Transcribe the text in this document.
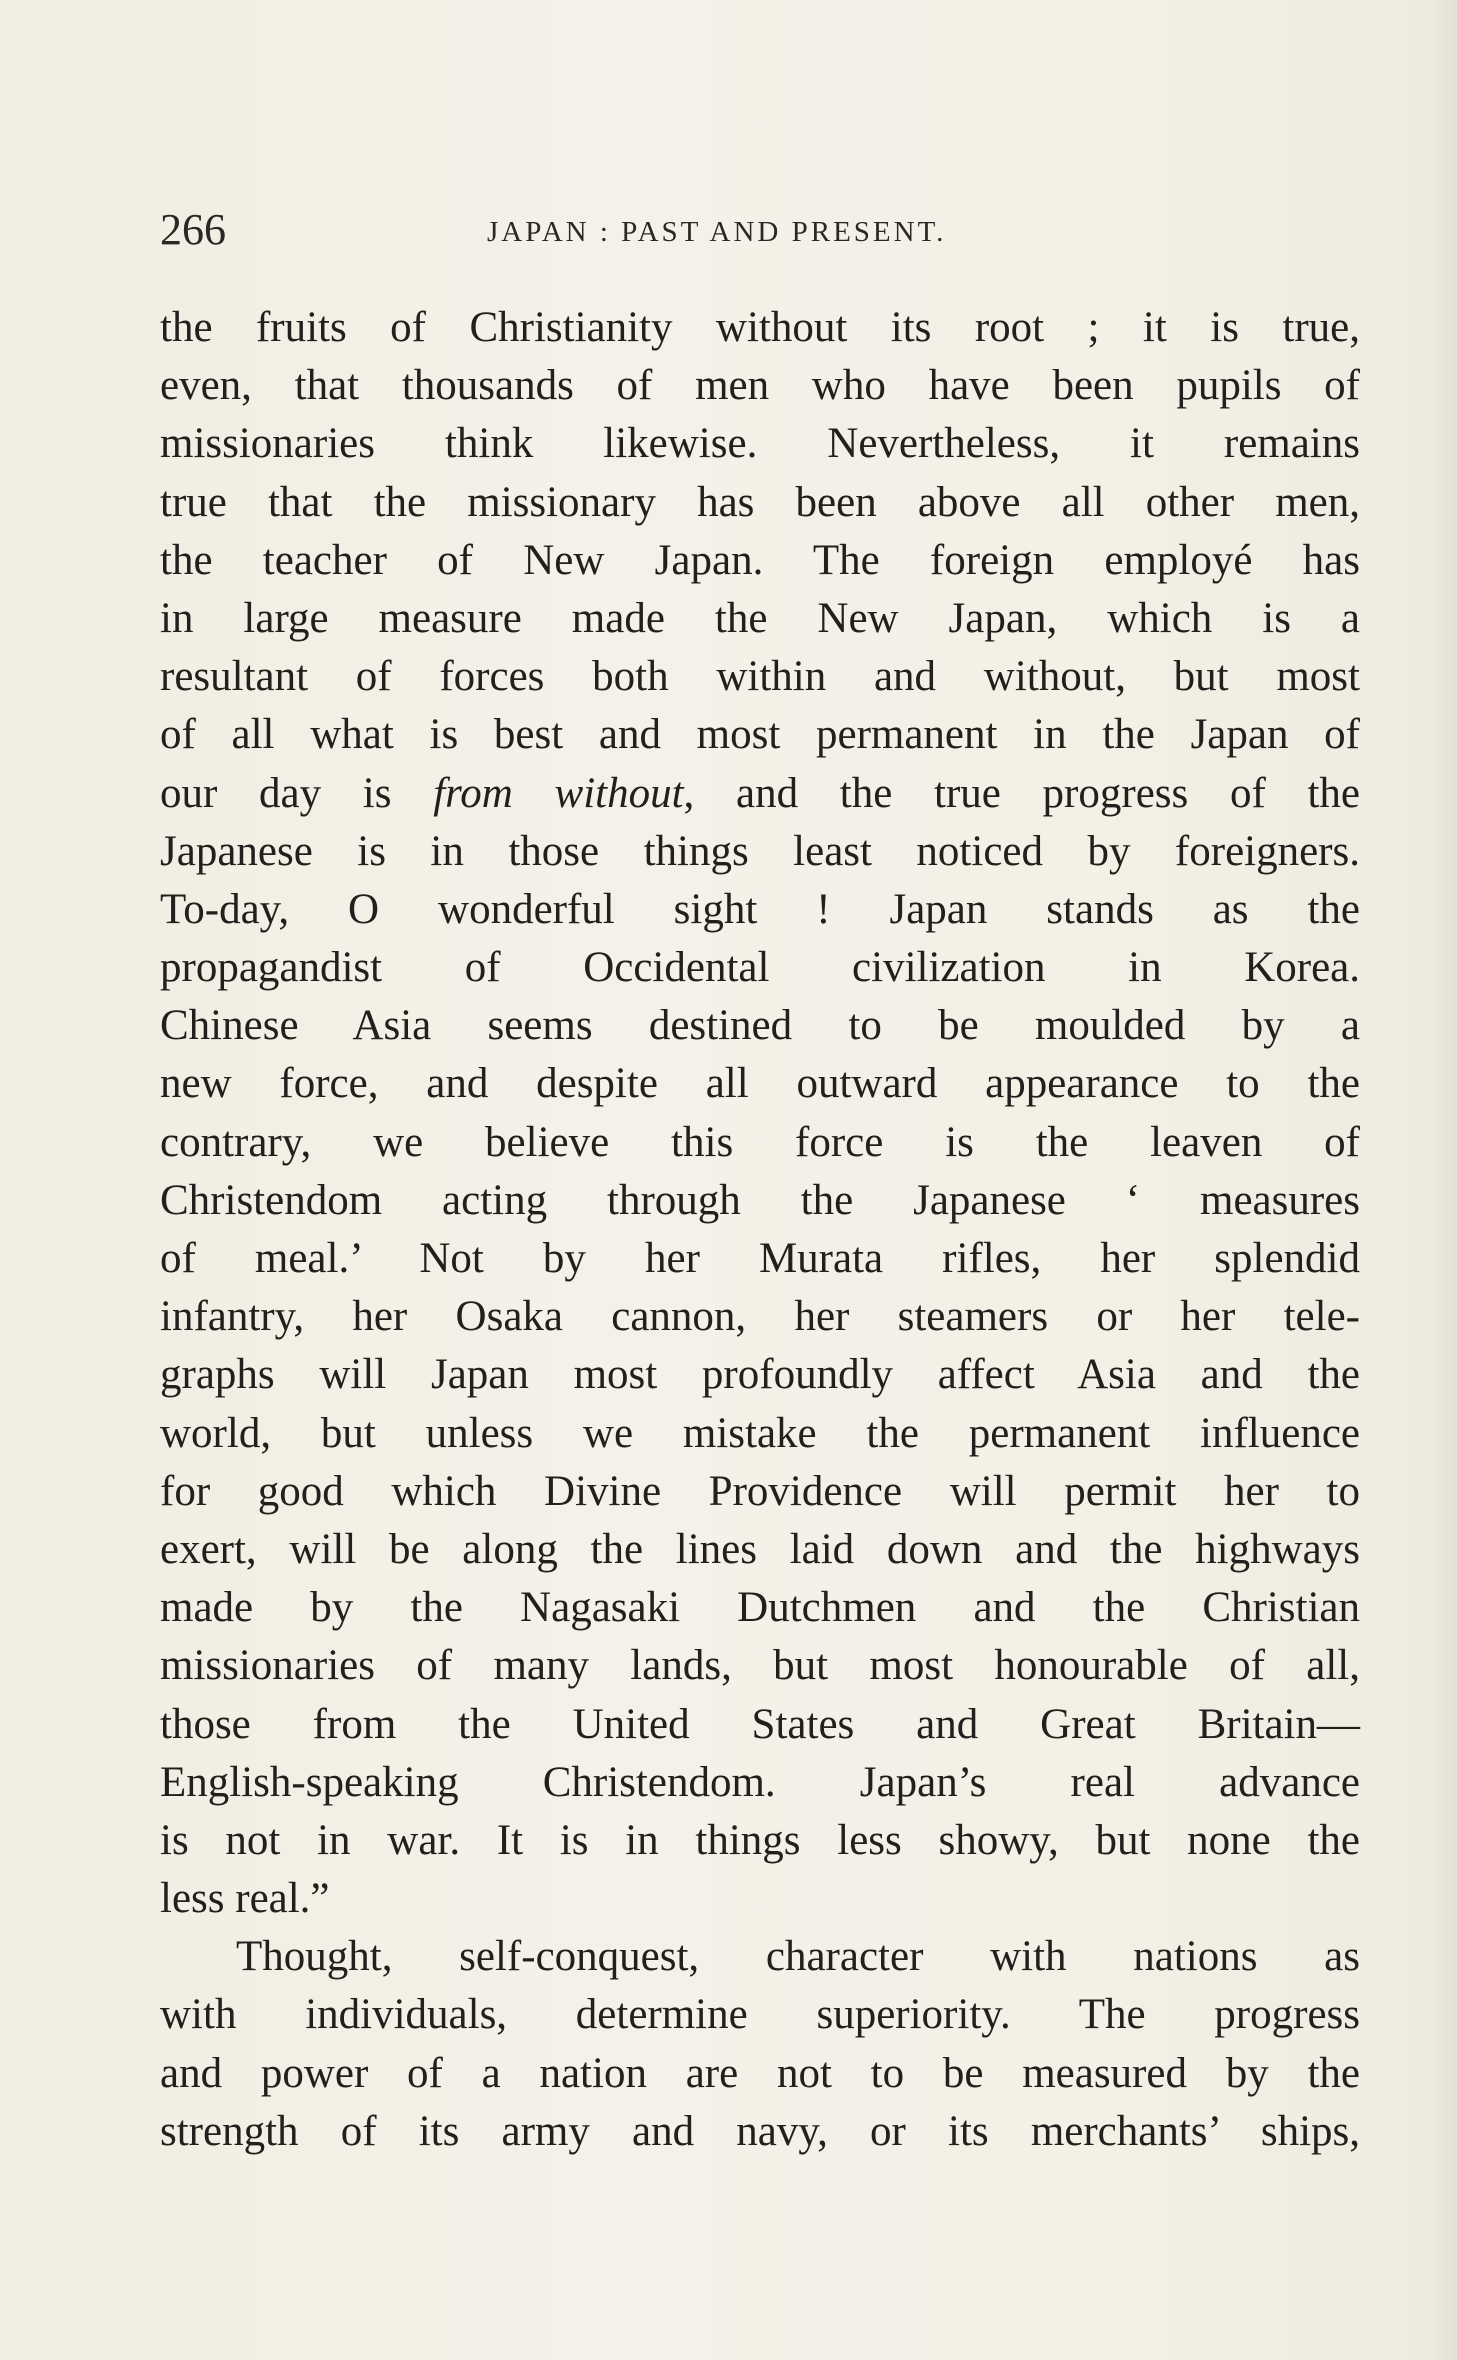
266	JAPAN : PAST AND PRESENT.
the fruits of Christianity without its root ; it is true,
even, that thousands of men who have been pupils of
missionaries think likewise. Nevertheless, it remains
true that the missionary has been above all other men,
the teacher of New Japan. The foreign employé has
in large measure made the New Japan, which is a
resultant of forces both within and without, but most
of all what is best and most permanent in the Japan of
our day is from without, and the true progress of the
Japanese is in those things least noticed by foreigners.
To-day, O wonderful sight ! Japan stands as the
propagandist of Occidental civilization in Korea.
Chinese Asia seems destined to be moulded by a
new force, and despite all outward appearance to the
contrary, we believe this force is the leaven of
Christendom acting through the Japanese ‘ measures
of meal.’ Not by her Murata rifles, her splendid
infantry, her Osaka cannon, her steamers or her tele-
graphs will Japan most profoundly affect Asia and the
world, but unless we mistake the permanent influence
for good which Divine Providence will permit her to
exert, will be along the lines laid down and the highways
made by the Nagasaki Dutchmen and the Christian
missionaries of many lands, but most honourable of all,
those from the United States and Great Britain—
English-speaking Christendom. Japan’s real advance
is not in war. It is in things less showy, but none the
less real.”
Thought, self-conquest, character with nations as
with individuals, determine superiority. The progress
and power of a nation are not to be measured by the
strength of its army and navy, or its merchants’ ships,
